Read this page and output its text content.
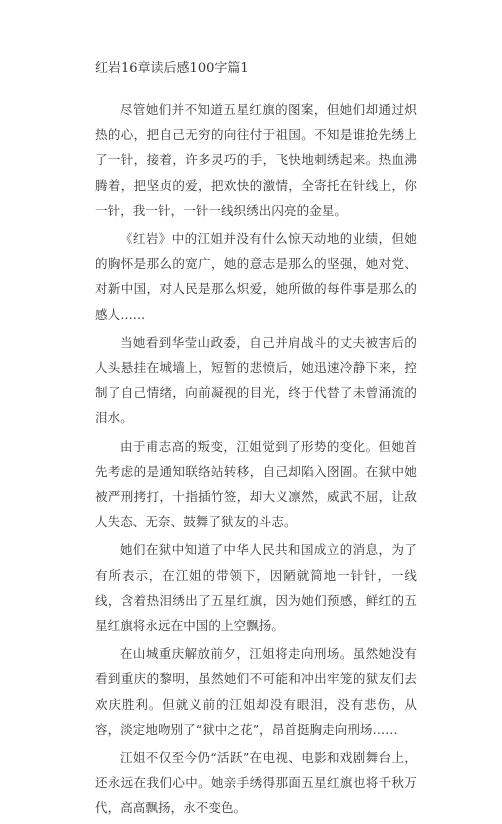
红岩16章读后感100字篇1

尽管她们并不知道五星红旗的图案，但她们却通过炽热的心，把自己无穷的向往付于祖国。不知是谁抢先绣上了一针，接着，许多灵巧的手，飞快地刺绣起来。热血沸腾着，把坚贞的爱，把欢快的激情，全寄托在针线上，你一针，我一针，一针一线织绣出闪亮的金星。

《红岩》中的江姐并没有什么惊天动地的业绩，但她的胸怀是那么的宽广，她的意志是那么的坚强，她对党、对新中国，对人民是那么炽爱，她所做的每件事是那么的感人……

当她看到华莹山政委，自己并肩战斗的丈夫被害后的人头悬挂在城墙上，短暂的悲愤后，她迅速冷静下来，控制了自己情绪，向前凝视的目光，终于代替了未曾涌流的泪水。

由于甫志高的叛变，江姐觉到了形势的变化。但她首先考虑的是通知联络站转移，自己却陷入囹圄。在狱中她被严刑拷打，十指插竹签，却大义凛然，威武不屈，让敌人失态、无奈、鼓舞了狱友的斗志。

她们在狱中知道了中华人民共和国成立的消息，为了有所表示，在江姐的带领下，因陋就简地一针针，一线线，含着热泪绣出了五星红旗，因为她们预感，鲜红的五星红旗将永远在中国的上空飘扬。

在山城重庆解放前夕，江姐将走向刑场。虽然她没有看到重庆的黎明，虽然她们不可能和冲出牢笼的狱友们去欢庆胜利。但就义前的江姐却没有眼泪，没有悲伤，从容，淡定地吻别了“狱中之花”，昂首挺胸走向刑场……

江姐不仅至今仍“活跃”在电视、电影和戏剧舞台上，还永远在我们心中。她亲手绣得那面五星红旗也将千秋万代，高高飘扬，永不变色。
